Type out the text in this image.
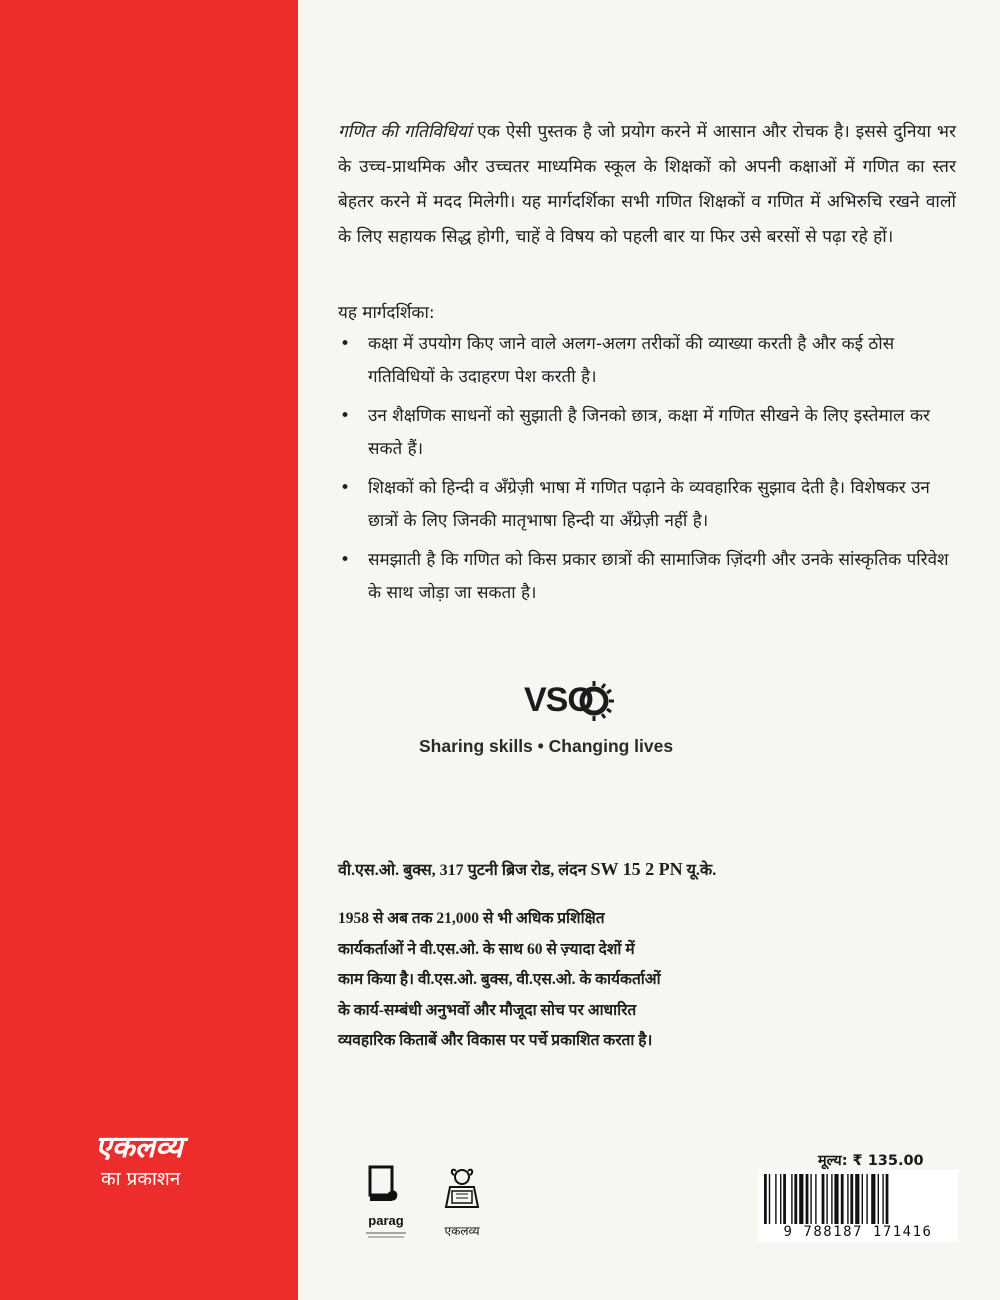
एकलव्य
का प्रकाशन

गणित की गतिविधियां एक ऐसी पुस्तक है जो प्रयोग करने में आसान और रोचक है। इससे दुनिया भर के उच्च-प्राथमिक और उच्चतर माध्यमिक स्कूल के शिक्षकों को अपनी कक्षाओं में गणित का स्तर बेहतर करने में मदद मिलेगी। यह मार्गदर्शिका सभी गणित शिक्षकों व गणित में अभिरुचि रखने वालों के लिए सहायक सिद्ध होगी, चाहें वे विषय को पहली बार या फिर उसे बरसों से पढ़ा रहे हों।

यह मार्गदर्शिका:
• कक्षा में उपयोग किए जाने वाले अलग-अलग तरीकों की व्याख्या करती है और कई ठोस गतिविधियों के उदाहरण पेश करती है।
• उन शैक्षणिक साधनों को सुझाती है जिनको छात्र, कक्षा में गणित सीखने के लिए इस्तेमाल कर सकते हैं।
• शिक्षकों को हिन्दी व अँग्रेज़ी भाषा में गणित पढ़ाने के व्यवहारिक सुझाव देती है। विशेषकर उन छात्रों के लिए जिनकी मातृभाषा हिन्दी या अँग्रेज़ी नहीं है।
• समझाती है कि गणित को किस प्रकार छात्रों की सामाजिक ज़िंदगी और उनके सांस्कृतिक परिवेश के साथ जोड़ा जा सकता है।
VSO
Sharing skills • Changing lives
वी.एस.ओ. बुक्स, 317 पुटनी ब्रिज रोड, लंदन SW 15 2 PN यू.के.
1958 से अब तक 21,000 से भी अधिक प्रशिक्षित कार्यकर्ताओं ने वी.एस.ओ. के साथ 60 से ज़्यादा देशों में काम किया है। वी.एस.ओ. बुक्स, वी.एस.ओ. के कार्यकर्ताओं के कार्य-सम्बंधी अनुभवों और मौजूदा सोच पर आधारित व्यवहारिक किताबें और विकास पर पर्चे प्रकाशित करता है।
parag
एकलव्य
मूल्य: ₹ 135.00
9 788187 171416
